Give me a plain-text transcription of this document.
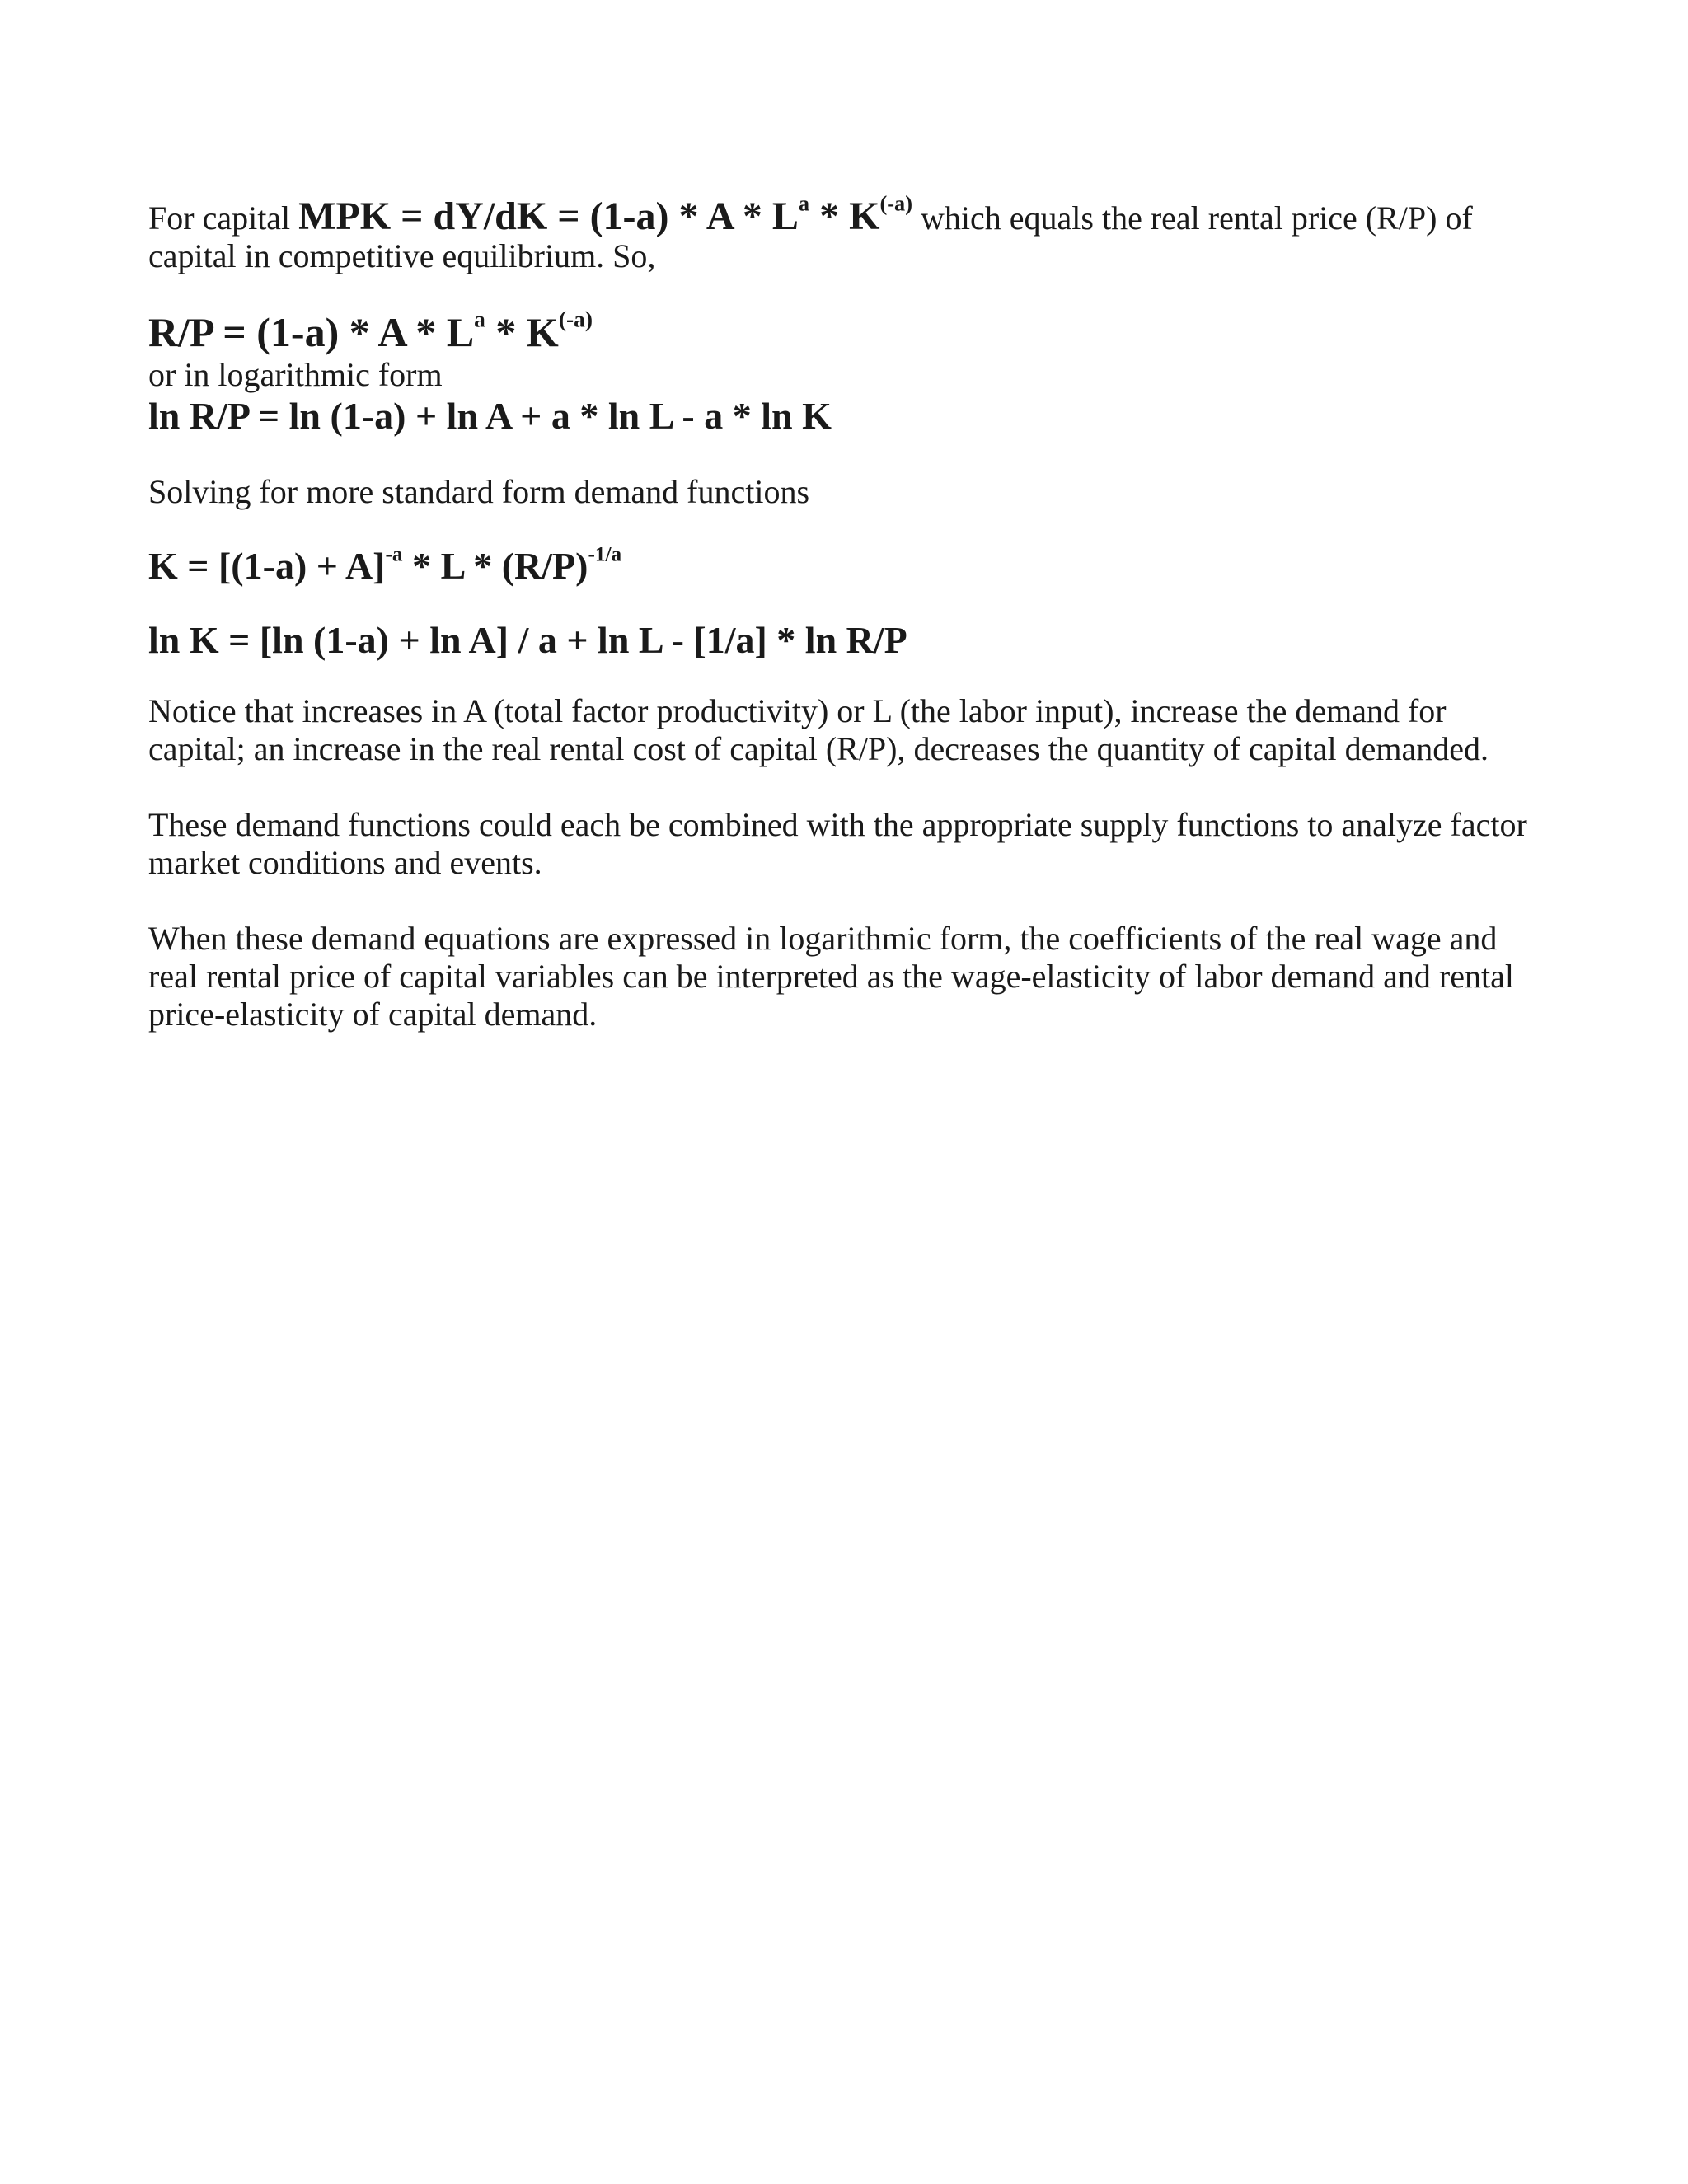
For capital MPK = $dY/dK = (1-a) * A * L^a * K^{(-a)}$ which equals the real rental price (R/P) of capital in competitive equilibrium. So,

$R/P = (1-a) * A * L^a * K^{(-a)}$

or in logarithmic form

ln R/P = ln (1-a) + ln A + a * ln L - a * ln K

Solving for more standard form demand functions

$K = [(1-a) + A]^{-a} * L * (R/P)^{-1/a}$

ln K = [ln (1-a) + ln A] / a + ln L - [1/a] * ln R/P

Notice that increases in A (total factor productivity) or L (the labor input), increase the demand for capital; an increase in the real rental cost of capital (R/P), decreases the quantity of capital demanded.

These demand functions could each be combined with the appropriate supply functions to analyze factor market conditions and events.

When these demand equations are expressed in logarithmic form, the coefficients of the real wage and real rental price of capital variables can be interpreted as the wage-elasticity of labor demand and rental price-elasticity of capital demand.
